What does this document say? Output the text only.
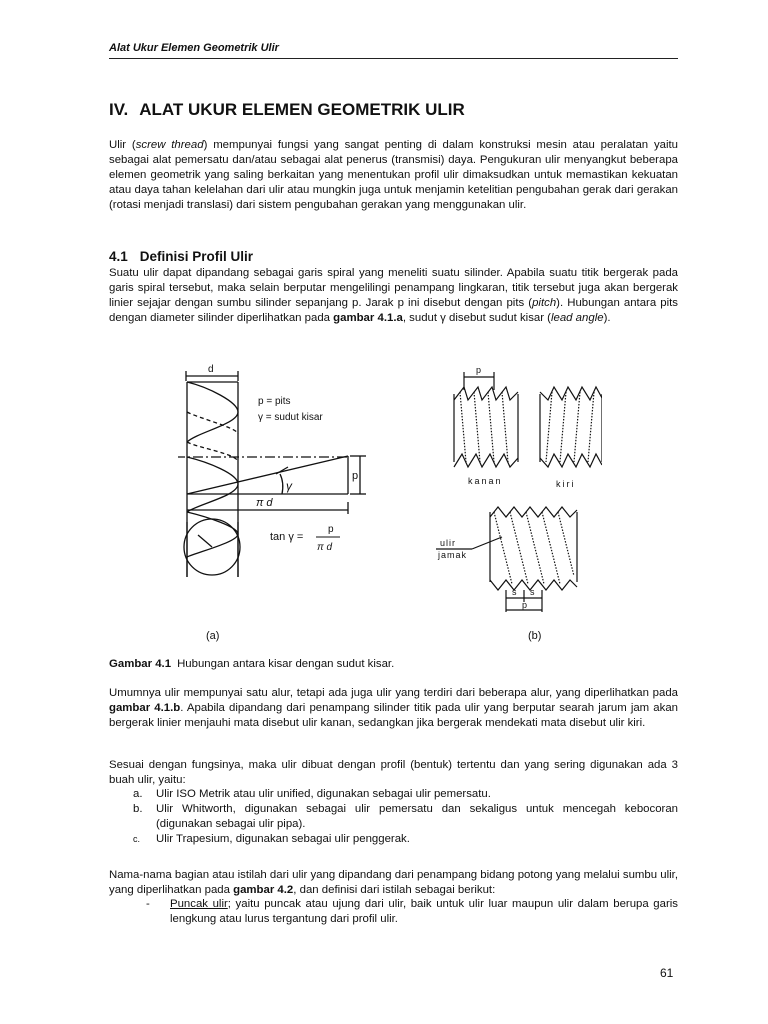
Alat Ukur Elemen Geometrik Ulir
IV. ALAT UKUR ELEMEN GEOMETRIK ULIR

Ulir (screw thread) mempunyai fungsi yang sangat penting di dalam konstruksi mesin atau peralatan yaitu sebagai alat pemersatu dan/atau sebagai alat penerus (transmisi) daya. Pengukuran ulir menyangkut beberapa elemen geometrik yang saling berkaitan yang menentukan profil ulir dimaksudkan untuk memastikan kekuatan atau daya tahan kelelahan dari ulir atau mungkin juga untuk menjamin ketelitian pengubahan gerak dari gerakan (rotasi menjadi translasi) dari sistem pengubahan gerakan yang menggunakan ulir.

4.1 Definisi Profil Ulir

Suatu ulir dapat dipandang sebagai garis spiral yang meneliti suatu silinder. Apabila suatu titik bergerak pada garis spiral tersebut, maka selain berputar mengelilingi penampang lingkaran, titik tersebut juga akan bergerak linier sejajar dengan sumbu silinder sepanjang p. Jarak p ini disebut dengan pits (pitch). Hubungan antara pits dengan diameter silinder diperlihatkan pada gambar 4.1.a, sudut γ disebut sudut kisar (lead angle).

d
p = pits
γ = sudut kisar
p
γ
π d
tan γ =
p
π d
(a)
p
kanan	kiri
ulir
jamak
s s
p
(b)
Gambar 4.1 Hubungan antara kisar dengan sudut kisar.

Umumnya ulir mempunyai satu alur, tetapi ada juga ulir yang terdiri dari beberapa alur, yang diperlihatkan pada gambar 4.1.b. Apabila dipandang dari penampang silinder titik pada ulir yang berputar searah jarum jam akan bergerak linier menjauhi mata disebut ulir kanan, sedangkan jika bergerak mendekati mata disebut ulir kiri.

Sesuai dengan fungsinya, maka ulir dibuat dengan profil (bentuk) tertentu dan yang sering digunakan ada 3 buah ulir, yaitu:

a. Ulir ISO Metrik atau ulir unified, digunakan sebagai ulir pemersatu.
b. Ulir Whitworth, digunakan sebagai ulir pemersatu dan sekaligus untuk mencegah kebocoran (digunakan sebagai ulir pipa).
c. Ulir Trapesium, digunakan sebagai ulir penggerak.

Nama-nama bagian atau istilah dari ulir yang dipandang dari penampang bidang potong yang melalui sumbu ulir, yang diperlihatkan pada gambar 4.2, dan definisi dari istilah sebagai berikut:

- Puncak ulir; yaitu puncak atau ujung dari ulir, baik untuk ulir luar maupun ulir dalam berupa garis lengkung atau lurus tergantung dari profil ulir.
61
